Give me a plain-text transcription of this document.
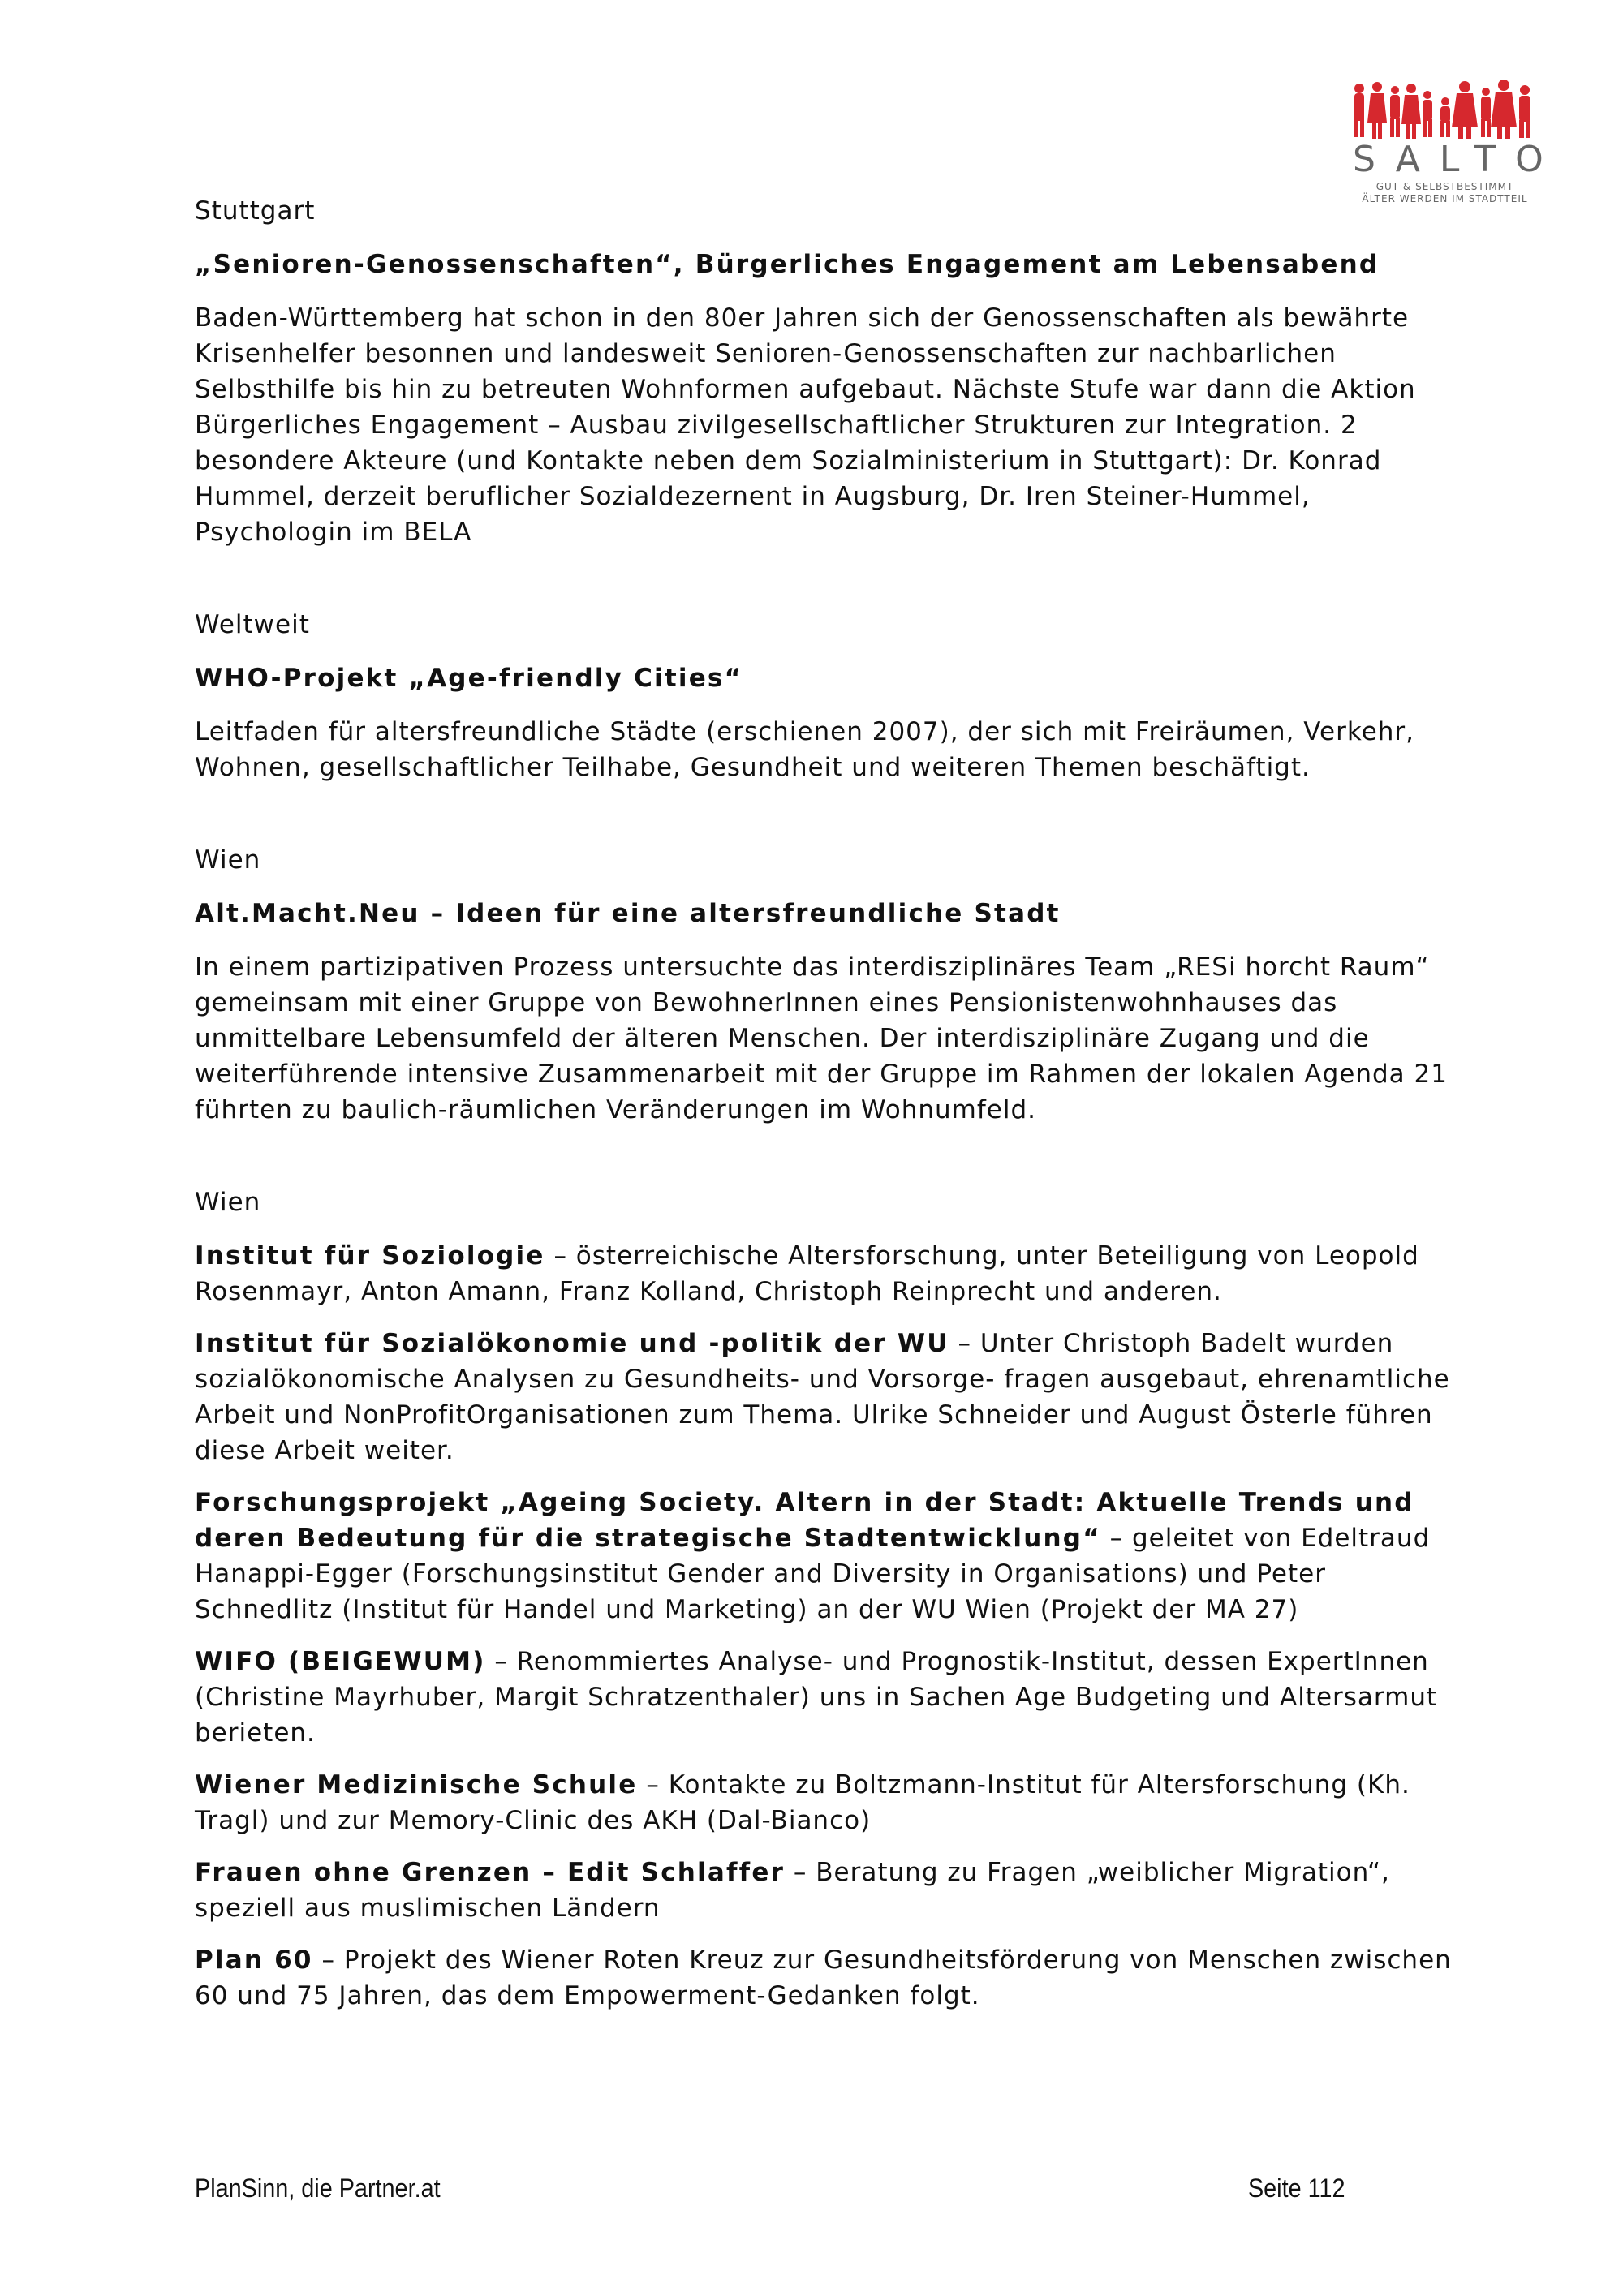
SALTO
GUT & SELBSTBESTIMMT
ÄLTER WERDEN IM STADTTEIL

Stuttgart

„Senioren-Genossenschaften“, Bürgerliches Engagement am Lebensabend

Baden-Württemberg hat schon in den 80er Jahren sich der Genossenschaften als bewährte Krisenhelfer besonnen und landesweit Senioren-Genossenschaften zur nachbarlichen Selbsthilfe bis hin zu betreuten Wohnformen aufgebaut. Nächste Stufe war dann die Aktion Bürgerliches Engagement – Ausbau zivilgesellschaftlicher Strukturen zur Integration. 2 besondere Akteure (und Kontakte neben dem Sozialministerium in Stuttgart): Dr. Konrad Hummel, derzeit beruflicher Sozialdezernent in Augsburg, Dr. Iren Steiner-Hummel, Psychologin im BELA

Weltweit

WHO-Projekt „Age-friendly Cities“

Leitfaden für altersfreundliche Städte (erschienen 2007), der sich mit Freiräumen, Verkehr, Wohnen, gesellschaftlicher Teilhabe, Gesundheit und weiteren Themen beschäftigt.

Wien

Alt.Macht.Neu – Ideen für eine altersfreundliche Stadt

In einem partizipativen Prozess untersuchte das interdisziplinäres Team „RESi horcht Raum“ gemeinsam mit einer Gruppe von BewohnerInnen eines Pensionistenwohnhauses das unmittelbare Lebensumfeld der älteren Menschen. Der interdisziplinäre Zugang und die weiterführende intensive Zusammenarbeit mit der Gruppe im Rahmen der lokalen Agenda 21 führten zu baulich-räumlichen Veränderungen im Wohnumfeld.

Wien

Institut für Soziologie – österreichische Altersforschung, unter Beteiligung von Leopold Rosenmayr, Anton Amann, Franz Kolland, Christoph Reinprecht und anderen.

Institut für Sozialökonomie und -politik der WU – Unter Christoph Badelt wurden sozialökonomische Analysen zu Gesundheits- und Vorsorge- fragen ausgebaut, ehrenamtliche Arbeit und NonProfitOrganisationen zum Thema. Ulrike Schneider und August Österle führen diese Arbeit weiter.

Forschungsprojekt „Ageing Society. Altern in der Stadt: Aktuelle Trends und deren Bedeutung für die strategische Stadtentwicklung“ – geleitet von Edeltraud Hanappi-Egger (Forschungsinstitut Gender and Diversity in Organisations) und Peter Schnedlitz (Institut für Handel und Marketing) an der WU Wien (Projekt der MA 27)

WIFO (BEIGEWUM) – Renommiertes Analyse- und Prognostik-Institut, dessen ExpertInnen (Christine Mayrhuber, Margit Schratzenthaler) uns in Sachen Age Budgeting und Altersarmut berieten.

Wiener Medizinische Schule – Kontakte zu Boltzmann-Institut für Altersforschung (Kh. Tragl) und zur Memory-Clinic des AKH (Dal-Bianco)

Frauen ohne Grenzen – Edit Schlaffer – Beratung zu Fragen „weiblicher Migration“, speziell aus muslimischen Ländern

Plan 60 – Projekt des Wiener Roten Kreuz zur Gesundheitsförderung von Menschen zwischen 60 und 75 Jahren, das dem Empowerment-Gedanken folgt.

PlanSinn, die Partner.at	Seite 112
